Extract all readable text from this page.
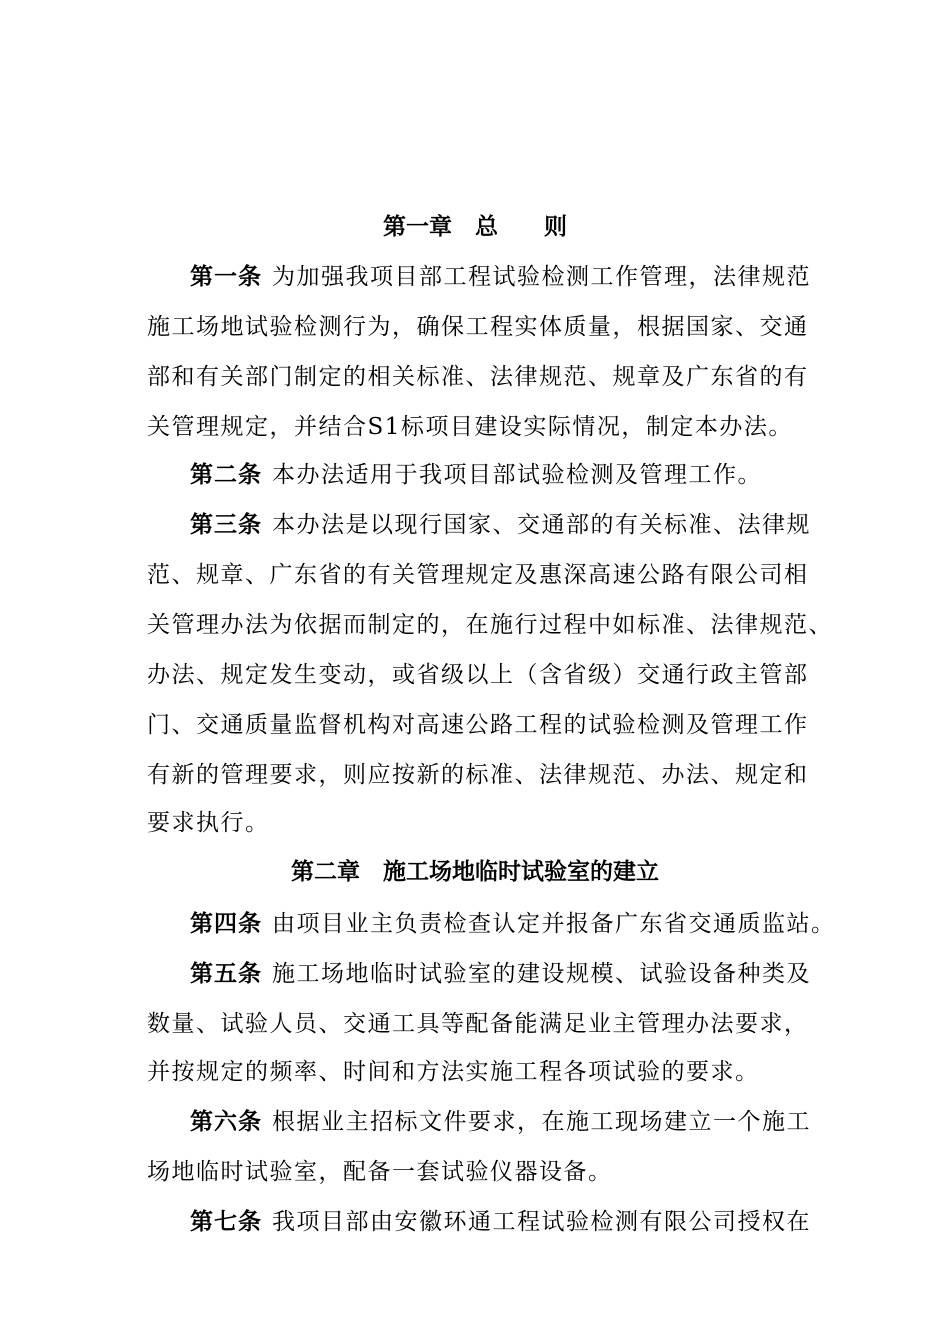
第一章　总　　则
第一条 为加强我项目部工程试验检测工作管理，法律规范
施工场地试验检测行为，确保工程实体质量，根据国家、交通
部和有关部门制定的相关标准、法律规范、规章及广东省的有
关管理规定，并结合S1标项目建设实际情况，制定本办法。
第二条 本办法适用于我项目部试验检测及管理工作。
第三条 本办法是以现行国家、交通部的有关标准、法律规
范、规章、广东省的有关管理规定及惠深高速公路有限公司相
关管理办法为依据而制定的，在施行过程中如标准、法律规范、
办法、规定发生变动，或省级以上（含省级）交通行政主管部
门、交通质量监督机构对高速公路工程的试验检测及管理工作
有新的管理要求，则应按新的标准、法律规范、办法、规定和
要求执行。
第二章　施工场地临时试验室的建立
第四条 由项目业主负责检查认定并报备广东省交通质监站。
第五条 施工场地临时试验室的建设规模、试验设备种类及
数量、试验人员、交通工具等配备能满足业主管理办法要求，
并按规定的频率、时间和方法实施工程各项试验的要求。
第六条 根据业主招标文件要求，在施工现场建立一个施工
场地临时试验室，配备一套试验仪器设备。
第七条 我项目部由安徽环通工程试验检测有限公司授权在
